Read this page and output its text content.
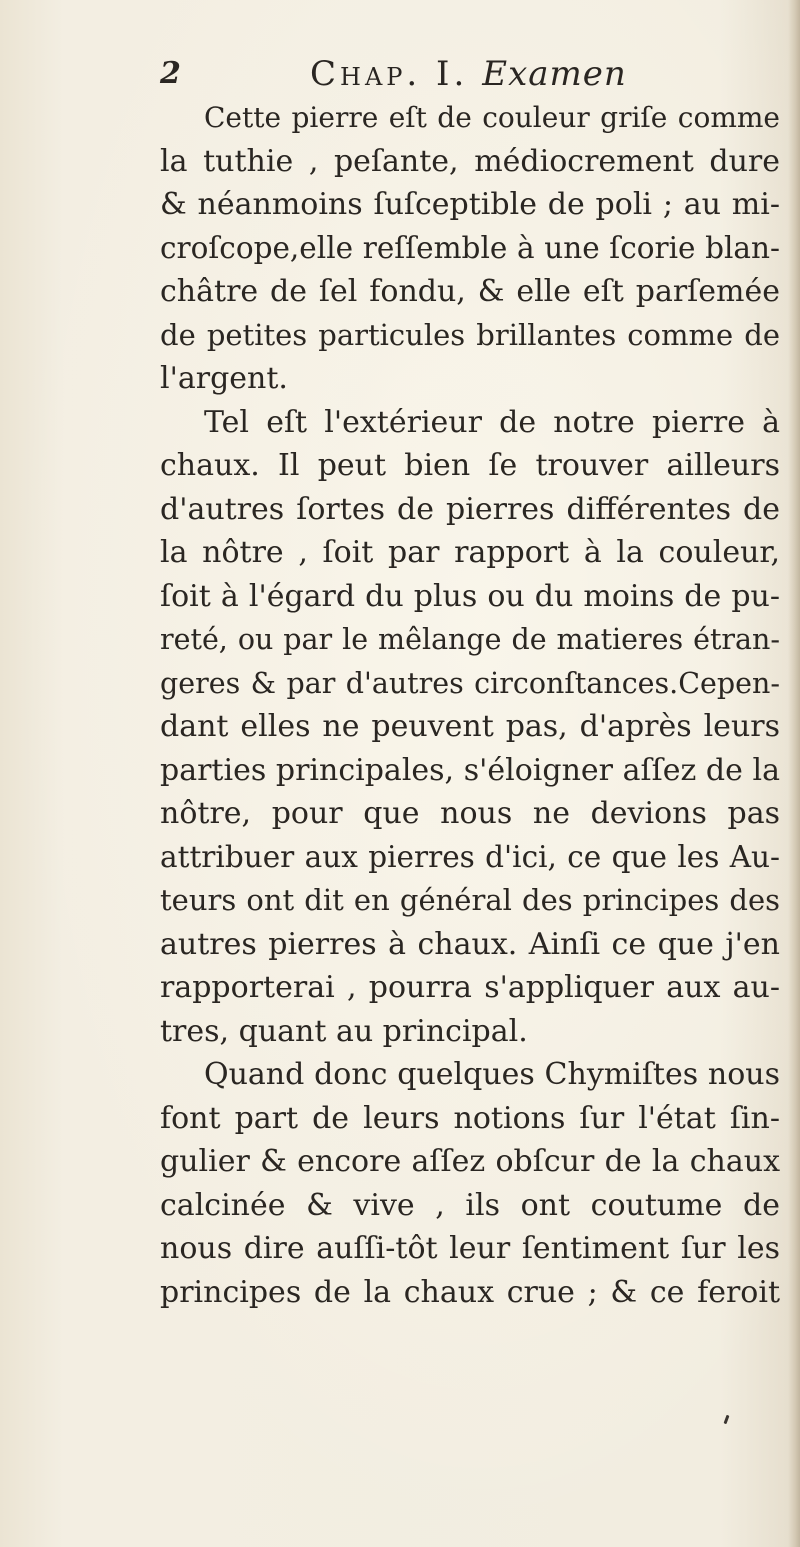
2	Chap. I. Examen
Cette pierre eſt de couleur griſe comme
la tuthie , peſante, médiocrement dure
& néanmoins ſuſceptible de poli ; au mi-
croſcope,elle reſſemble à une ſcorie blan-
châtre de ſel fondu, & elle eſt parſemée
de petites particules brillantes comme de
l'argent.
Tel eſt l'extérieur de notre pierre à
chaux. Il peut bien ſe trouver ailleurs
d'autres ſortes de pierres différentes de
la nôtre , ſoit par rapport à la couleur,
ſoit à l'égard du plus ou du moins de pu-
reté, ou par le mêlange de matieres étran-
geres & par d'autres circonſtances.Cepen-
dant elles ne peuvent pas, d'après leurs
parties principales, s'éloigner aſſez de la
nôtre, pour que nous ne devions pas
attribuer aux pierres d'ici, ce que les Au-
teurs ont dit en général des principes des
autres pierres à chaux. Ainſi ce que j'en
rapporterai , pourra s'appliquer aux au-
tres, quant au principal.
Quand donc quelques Chymiſtes nous
font part de leurs notions ſur l'état ſin-
gulier & encore aſſez obſcur de la chaux
calcinée & vive , ils ont coutume de
nous dire auſſi-tôt leur ſentiment ſur les
principes de la chaux crue ; & ce feroit
